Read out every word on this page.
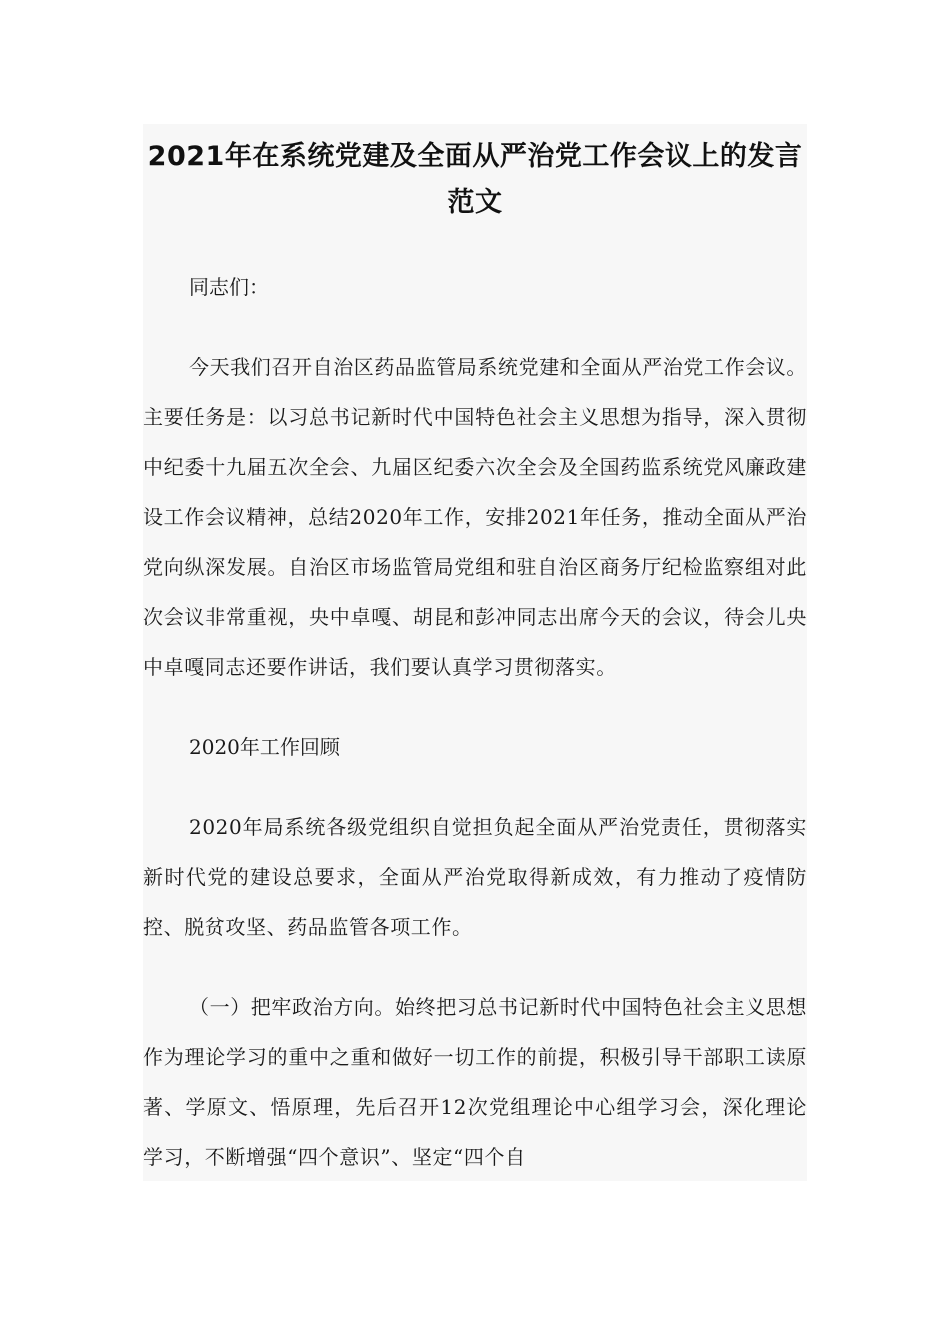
2021年在系统党建及全面从严治党工作会议上的发言范文
同志们：
今天我们召开自治区药品监管局系统党建和全面从严治党工作会议。主要任务是：以习总书记新时代中国特色社会主义思想为指导，深入贯彻中纪委十九届五次全会、九届区纪委六次全会及全国药监系统党风廉政建设工作会议精神，总结2020年工作，安排2021年任务，推动全面从严治党向纵深发展。自治区市场监管局党组和驻自治区商务厅纪检监察组对此次会议非常重视，央中卓嘎、胡昆和彭冲同志出席今天的会议，待会儿央中卓嘎同志还要作讲话，我们要认真学习贯彻落实。
2020年工作回顾
2020年局系统各级党组织自觉担负起全面从严治党责任，贯彻落实新时代党的建设总要求，全面从严治党取得新成效，有力推动了疫情防控、脱贫攻坚、药品监管各项工作。
（一）把牢政治方向。始终把习总书记新时代中国特色社会主义思想作为理论学习的重中之重和做好一切工作的前提，积极引导干部职工读原著、学原文、悟原理，先后召开12次党组理论中心组学习会，深化理论学习，不断增强“四个意识”、坚定“四个自
